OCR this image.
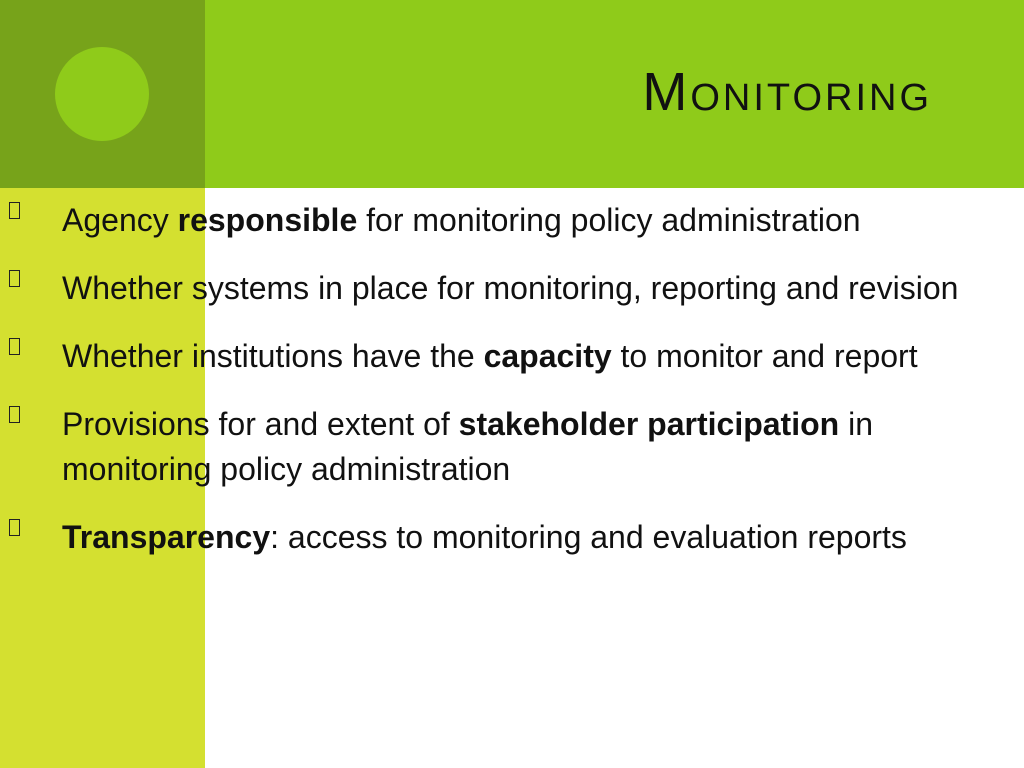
Monitoring
Agency responsible for monitoring policy administration
Whether systems in place for monitoring, reporting and revision
Whether institutions have the capacity to monitor and report
Provisions for and extent of stakeholder participation in monitoring policy administration
Transparency: access to monitoring and evaluation reports
